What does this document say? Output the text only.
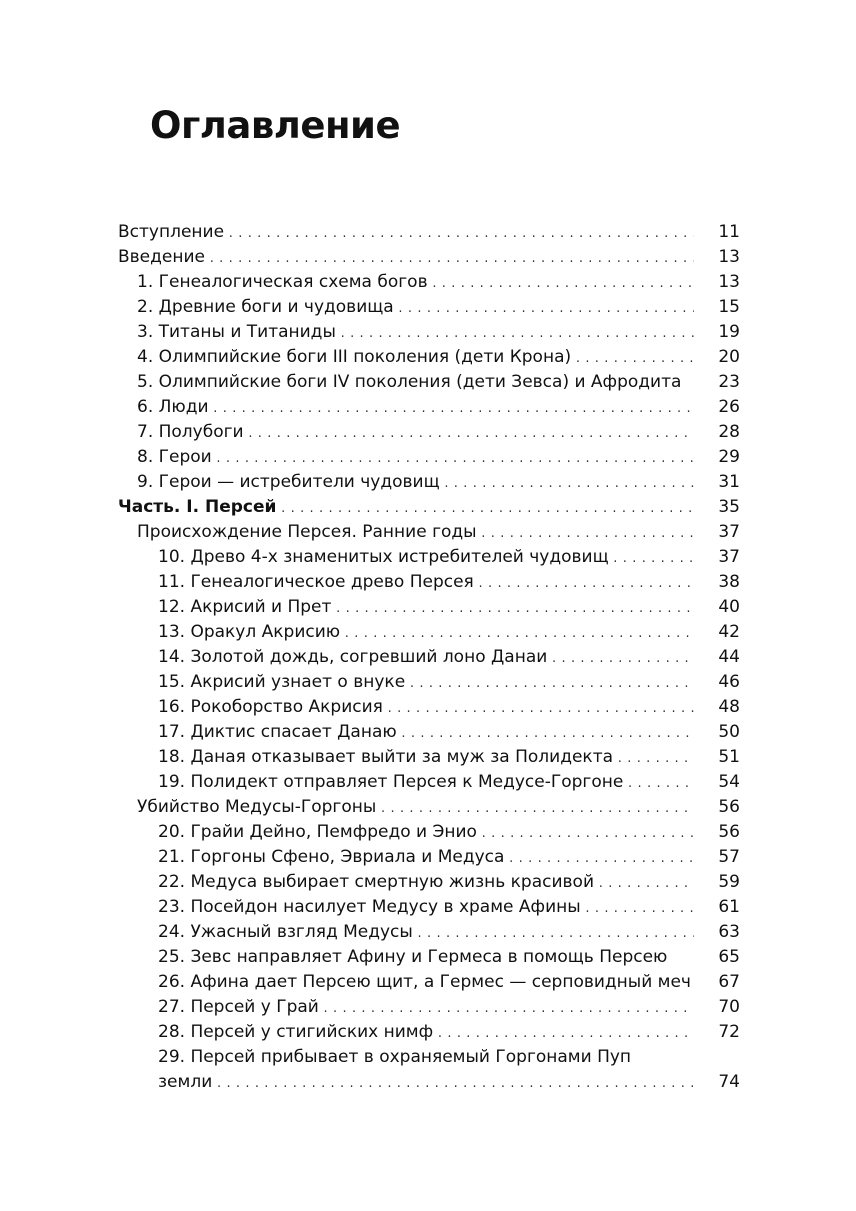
Оглавление
Вступление . . .	11
Введение . . .	13
1. Генеалогическая схема богов . . .	13
2. Древние боги и чудовища . . .	15
3. Титаны и Титаниды . . .	19
4. Олимпийские боги III поколения (дети Крона) . . .	20
5. Олимпийские боги IV поколения (дети Зевса) и Афродита	23
6. Люди . . .	26
7. Полубоги . . .	28
8. Герои . . .	29
9. Герои — истребители чудовищ . . .	31
Часть. I. Персей . . .	35
Происхождение Персея. Ранние годы . . .	37
10. Древо 4-х знаменитых истребителей чудовищ . . .	37
11. Генеалогическое древо Персея . . .	38
12. Акрисий и Прет . . .	40
13. Оракул Акрисию . . .	42
14. Золотой дождь, согревший лоно Данаи . . .	44
15. Акрисий узнает о внуке . . .	46
16. Рокоборство Акрисия . . .	48
17. Диктис спасает Данаю . . .	50
18. Даная отказывает выйти за муж за Полидекта . . .	51
19. Полидект отправляет Персея к Медусе-Горгоне . . .	54
Убийство Медусы-Горгоны . . .	56
20. Грайи Дейно, Пемфредо и Энио . . .	56
21. Горгоны Сфено, Эвриала и Медуса . . .	57
22. Медуса выбирает смертную жизнь красивой . . .	59
23. Посейдон насилует Медусу в храме Афины . . .	61
24. Ужасный взгляд Медусы . . .	63
25. Зевс направляет Афину и Гермеса в помощь Персею	65
26. Афина дает Персею щит, а Гермес — серповидный меч . . .	67
27. Персей у Грай . . .	70
28. Персей у стигийских нимф . . .	72
29. Персей прибывает в охраняемый Горгонами Пуп
земли . . .	74
